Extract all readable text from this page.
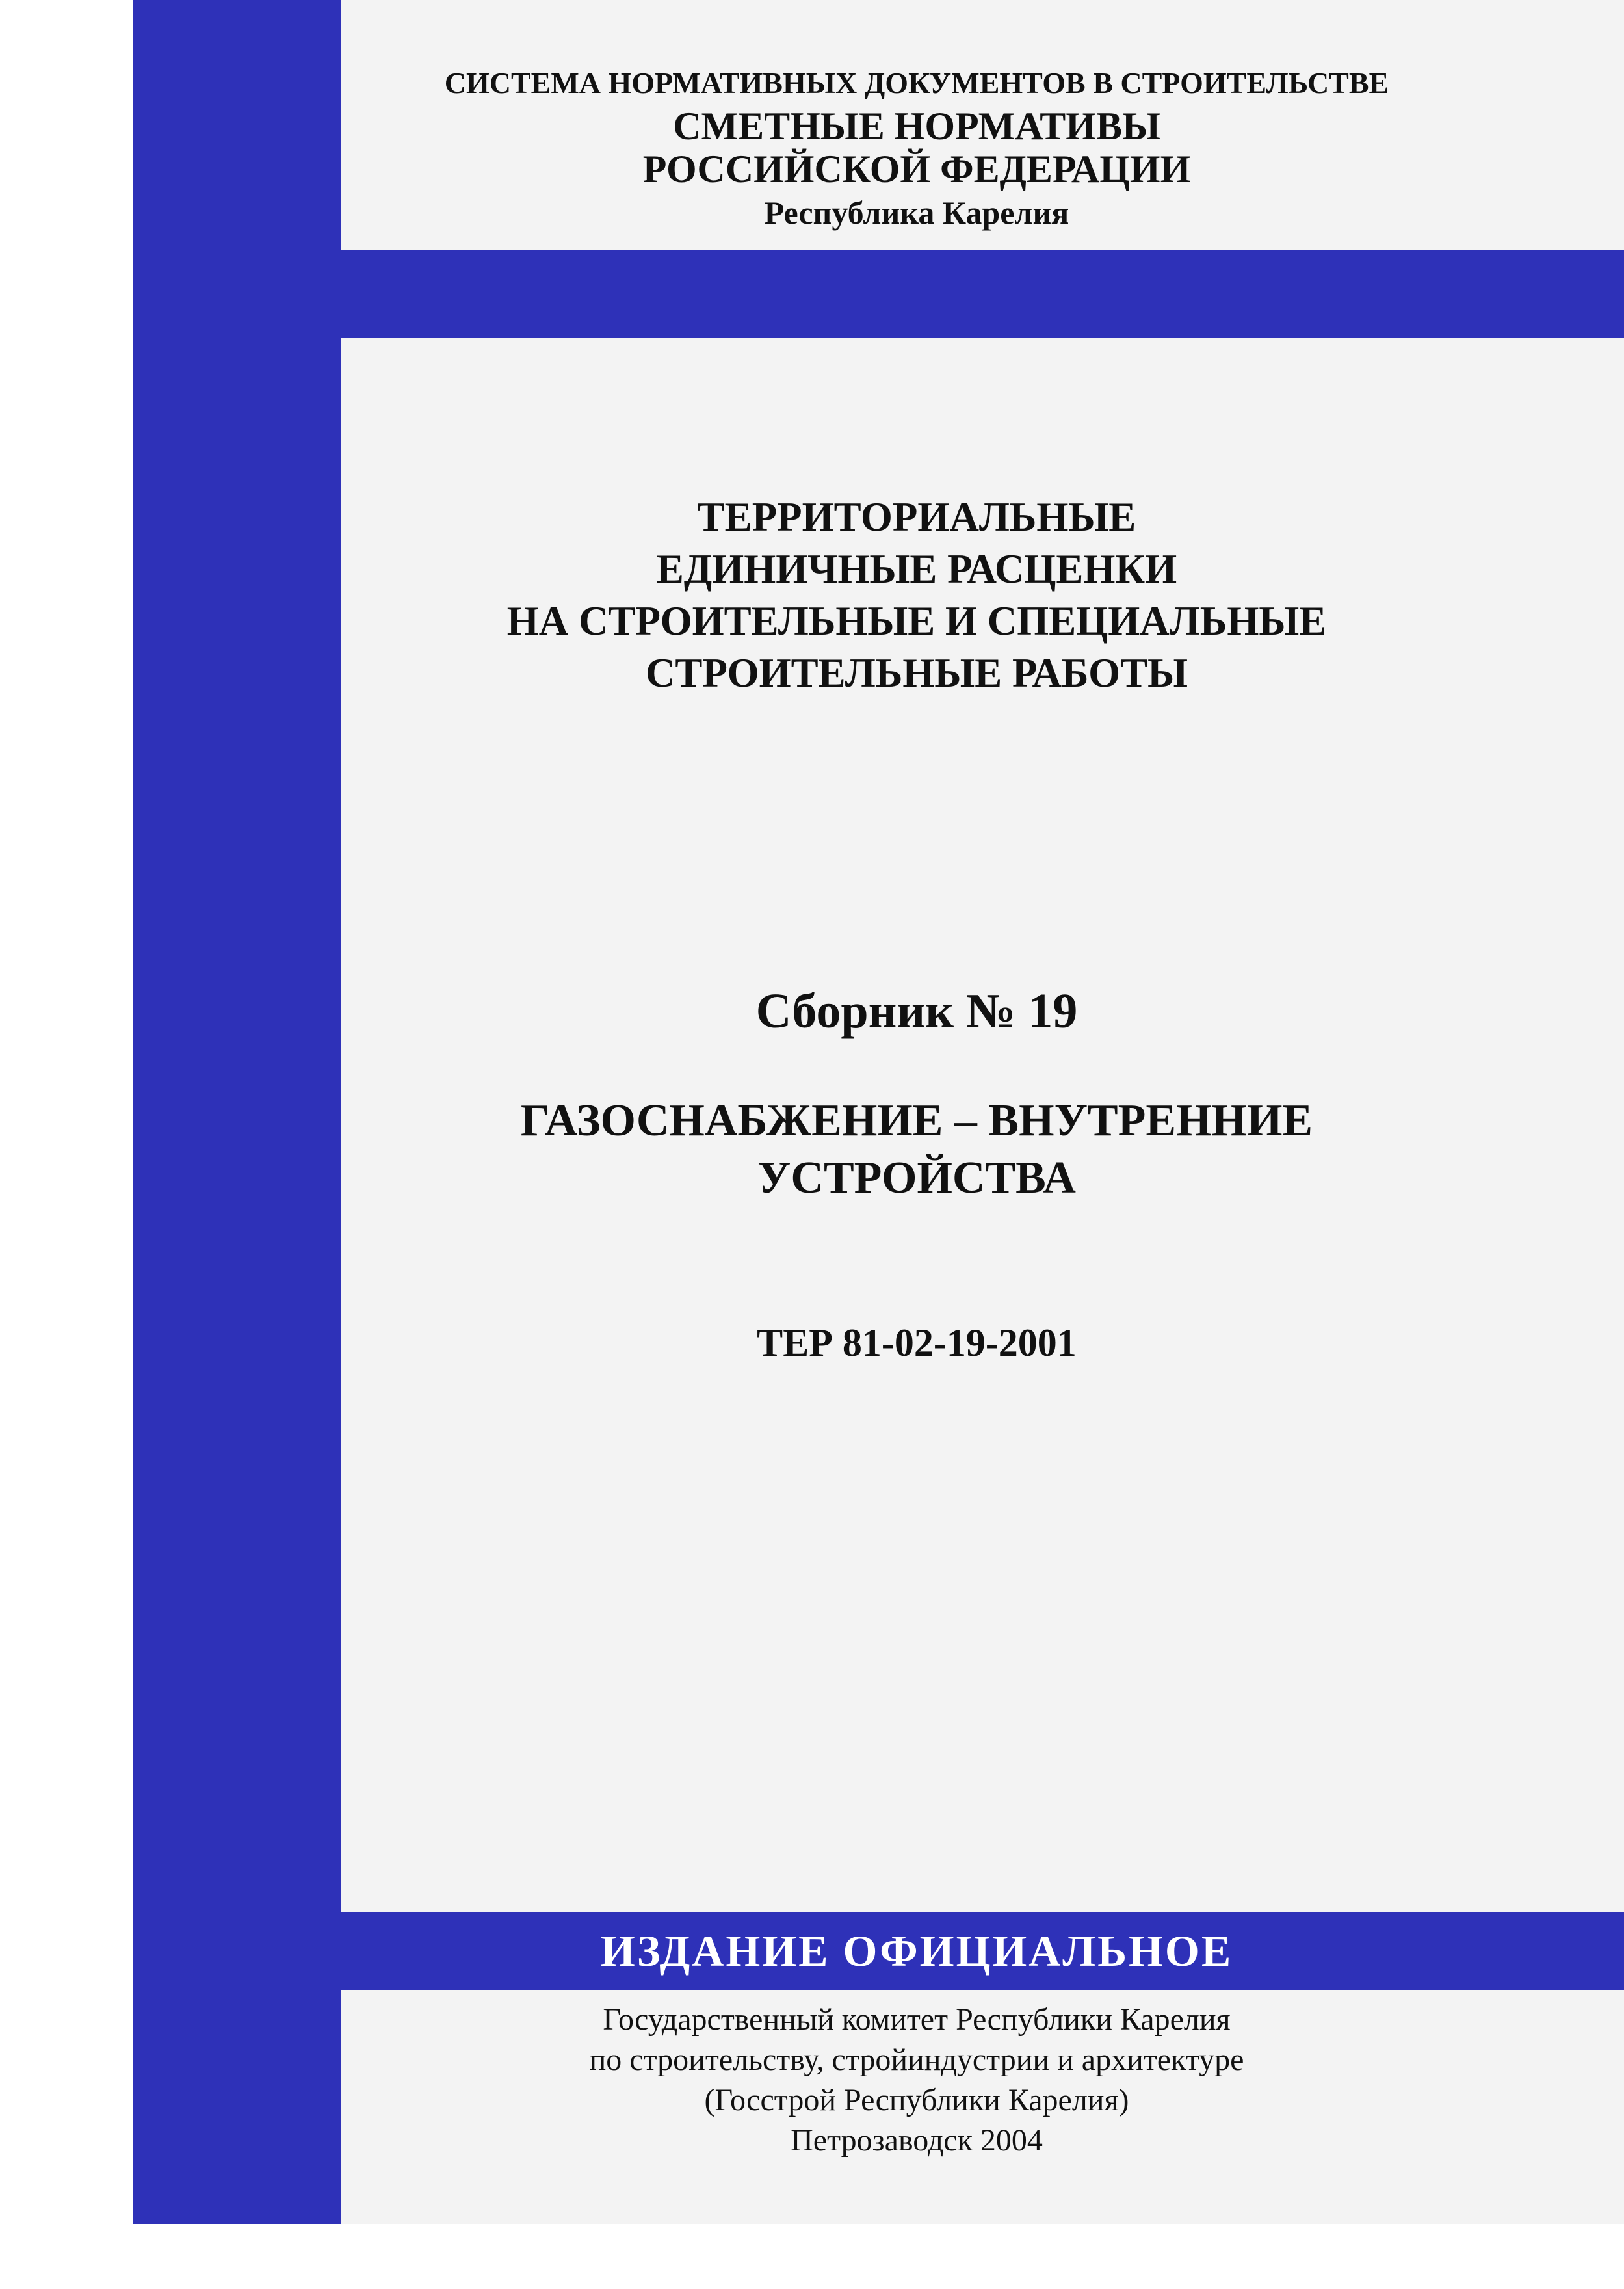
СИСТЕМА НОРМАТИВНЫХ ДОКУМЕНТОВ В СТРОИТЕЛЬСТВЕ
СМЕТНЫЕ НОРМАТИВЫ
РОССИЙСКОЙ ФЕДЕРАЦИИ
Республика Карелия
ТЕРРИТОРИАЛЬНЫЕ
ЕДИНИЧНЫЕ РАСЦЕНКИ
НА СТРОИТЕЛЬНЫЕ И СПЕЦИАЛЬНЫЕ
СТРОИТЕЛЬНЫЕ РАБОТЫ
Сборник № 19
ГАЗОСНАБЖЕНИЕ – ВНУТРЕННИЕ
УСТРОЙСТВА
ТЕР 81-02-19-2001
ИЗДАНИЕ ОФИЦИАЛЬНОЕ
Государственный комитет Республики Карелия
по строительству, стройиндустрии и архитектуре
(Госстрой Республики Карелия)
Петрозаводск 2004
